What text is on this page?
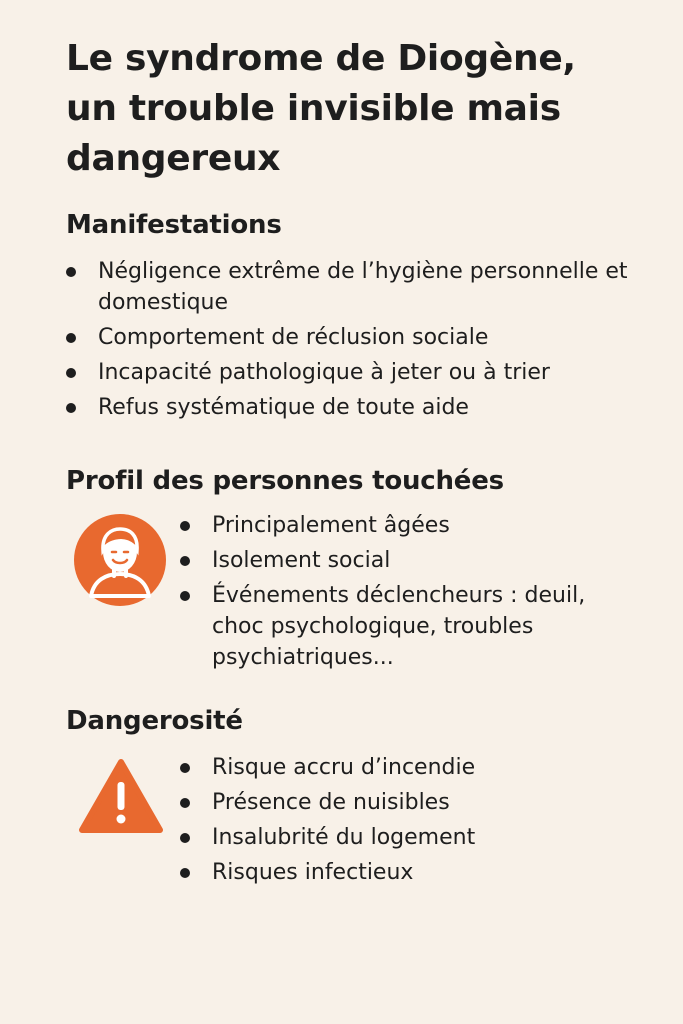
Le syndrome de Diogène, un trouble invisible mais dangereux
Manifestations
Négligence extrême de l’hygiène personnelle et domestique
Comportement de réclusion sociale
Incapacité pathologique à jeter ou à trier
Refus systématique de toute aide
Profil des personnes touchées
Principalement âgées
Isolement social
Événements déclencheurs : deuil, choc psychologique, troubles psychiatriques...
Dangerosité
Risque accru d’incendie
Présence de nuisibles
Insalubrité du logement
Risques infectieux
